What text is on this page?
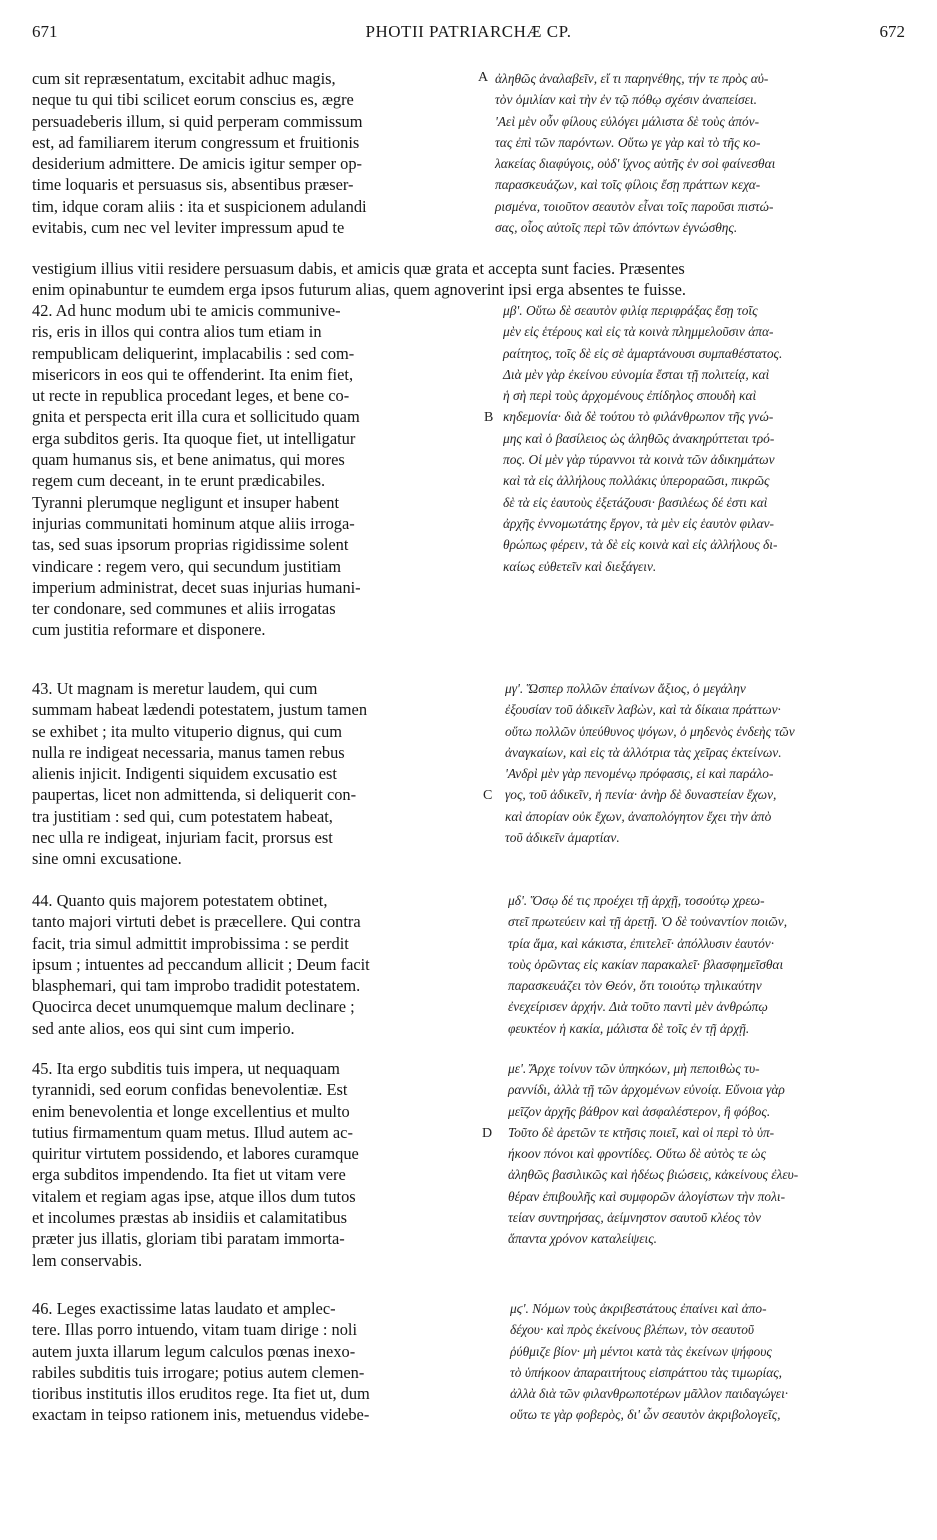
671	PHOTII PATRIARCHÆ CP.	672
cum sit repræsentatum, excitabit adhuc magis,
neque tu qui tibi scilicet eorum conscius es, ægre
persuadeberis illum, si quid perperam commissum
est, ad familiarem iterum congressum et fruitionis
desiderium admittere. De amicis igitur semper op-
time loquaris et persuasus sis, absentibus præser-
tim, idque coram aliis : ita et suspicionem adulandi
evitabis, cum nec vel leviter impressum apud te
A ἀληθῶς ἀναλαβεῖν, εἴ τι παρηνέθης, τήν τε πρὸς αὐ-
τὸν ὁμιλίαν καὶ τὴν ἐν τῷ πόθῳ σχέσιν ἀναπείσει.
'Αεὶ μὲν οὖν φίλους εὐλόγει μάλιστα δὲ τοὺς ἀπόν-
τας ἐπὶ τῶν παρόντων. Οὕτω γε γὰρ καὶ τὸ τῆς κο-
λακείας διαφύγοις, οὐδ' ἴχνος αὐτῆς ἐν σοὶ φαίνεσθαι
παρασκευάζων, καὶ τοῖς φίλοις ἔσῃ πράττων κεχα-
ρισμένα, τοιοῦτον σεαυτὸν εἶναι τοῖς παροῦσι πιστώ-
σας, οἷος αὐτοῖς περὶ τῶν ἀπόντων ἐγνώσθης.
vestigium illius vitii residere persuasum dabis, et amicis quæ grata et accepta sunt facies. Præsentes
enim opinabuntur te eumdem erga ipsos futurum alias, quem agnoverint ipsi erga absentes te fuisse.
42. Ad hunc modum ubi te amicis communive-
ris, eris in illos qui contra alios tum etiam in
rempublicam deliquerint, implacabilis : sed com-
misericors in eos qui te offenderint. Ita enim fiet,
ut recte in republica procedant leges, et bene co-
gnita et perspecta erit illa cura et sollicitudo quam
erga subditos geris. Ita quoque fiet, ut intelligatur
quam humanus sis, et bene animatus, qui mores
regem cum deceant, in te erunt prædicabiles.
Tyranni plerumque negligunt et insuper habent
injurias communitati hominum atque aliis irroga-
tas, sed suas ipsorum proprias rigidissime solent
vindicare : regem vero, qui secundum justitiam
imperium administrat, decet suas injurias humani-
ter condonare, sed communes et aliis irrogatas
cum justitia reformare et disponere.
B
μβ'. Οὕτω δὲ σεαυτὸν φιλίᾳ περιφράξας ἔσῃ τοῖς
μὲν εἰς ἑτέρους καὶ εἰς τὰ κοινὰ πλημμελοῦσιν ἀπα-
ραίτητος, τοῖς δὲ εἰς σὲ ἁμαρτάνουσι συμπαθέστατος.
Διὰ μὲν γὰρ ἐκείνου εὐνομία ἔσται τῇ πολιτείᾳ, καὶ
ἡ σὴ περὶ τοὺς ἀρχομένους ἐπίδηλος σπουδὴ καὶ
κηδεμονία· διὰ δὲ τούτου τὸ φιλάνθρωπον τῆς γνώ-
μης καὶ ὁ βασίλειος ὡς ἀληθῶς ἀνακηρύττεται τρό-
πος. Οἱ μὲν γὰρ τύραννοι τὰ κοινὰ τῶν ἀδικημάτων
καὶ τὰ εἰς ἀλλήλους πολλάκις ὑπεροραῶσι, πικρῶς
δὲ τὰ εἰς ἑαυτοὺς ἐξετάζουσι· βασιλέως δέ ἐστι καὶ
ἀρχῆς ἐννομωτάτης ἔργον, τὰ μὲν εἰς ἑαυτὸν φιλαν-
θρώπως φέρειν, τὰ δὲ εἰς κοινὰ καὶ εἰς ἀλλήλους δι-
καίως εὐθετεῖν καὶ διεξάγειν.
43. Ut magnam is meretur laudem, qui cum
summam habeat lædendi potestatem, justum tamen
se exhibet ; ita multo vituperio dignus, qui cum
nulla re indigeat necessaria, manus tamen rebus
alienis injicit. Indigenti siquidem excusatio est
paupertas, licet non admittenda, si deliquerit con-
tra justitiam : sed qui, cum potestatem habeat,
nec ulla re indigeat, injuriam facit, prorsus est
sine omni excusatione.
C
μγ'. Ὥσπερ πολλῶν ἐπαίνων ἄξιος, ὁ μεγάλην
ἐξουσίαν τοῦ ἀδικεῖν λαβὼν, καὶ τὰ δίκαια πράττων·
οὕτω πολλῶν ὑπεύθυνος ψόγων, ὁ μηδενὸς ἐνδεὴς τῶν
ἀναγκαίων, καὶ εἰς τὰ ἀλλότρια τὰς χεῖρας ἐκτείνων.
'Ανδρὶ μὲν γὰρ πενομένῳ πρόφασις, εἰ καὶ παράλο-
γος, τοῦ ἀδικεῖν, ἡ πενία· ἀνὴρ δὲ δυναστείαν ἔχων,
καὶ ἀπορίαν οὐκ ἔχων, ἀναπολόγητον ἔχει τὴν ἀπὸ
τοῦ ἀδικεῖν ἁμαρτίαν.
44. Quanto quis majorem potestatem obtinet,
tanto majori virtuti debet is præcellere. Qui contra
facit, tria simul admittit improbissima : se perdit
ipsum ; intuentes ad peccandum allicit ; Deum facit
blasphemari, qui tam improbo tradidit potestatem.
Quocirca decet unumquemque malum declinare ;
sed ante alios, eos qui sint cum imperio.
μδ'. Ὅσῳ δέ τις προέχει τῇ ἀρχῇ, τοσούτῳ χρεω-
στεῖ πρωτεύειν καὶ τῇ ἀρετῇ. Ὁ δὲ τοὐναντίον ποιῶν,
τρία ἅμα, καὶ κάκιστα, ἐπιτελεῖ· ἀπόλλυσιν ἑαυτόν·
τοὺς ὁρῶντας εἰς κακίαν παρακαλεῖ· βλασφημεῖσθαι
παρασκευάζει τὸν Θεόν, ὅτι τοιούτῳ τηλικαύτην
ἐνεχείρισεν ἀρχήν. Διὰ τοῦτο παντὶ μὲν ἀνθρώπῳ
φευκτέον ἡ κακία, μάλιστα δὲ τοῖς ἐν τῇ ἀρχῇ.
45. Ita ergo subditis tuis impera, ut nequaquam
tyrannidi, sed eorum confidas benevolentiæ. Est
enim benevolentia et longe excellentius et multo
tutius firmamentum quam metus. Illud autem ac-
quiritur virtutem possidendo, et labores curamque
erga subditos impendendo. Ita fiet ut vitam vere
vitalem et regiam agas ipse, atque illos dum tutos
et incolumes præstas ab insidiis et calamitatibus
præter jus illatis, gloriam tibi paratam immorta-
lem conservabis.
D
με'. Ἄρχε τοίνυν τῶν ὑπηκόων, μὴ πεποιθὼς τυ-
ραννίδι, ἀλλὰ τῇ τῶν ἀρχομένων εὐνοίᾳ. Εὔνοια γὰρ
μεῖζον ἀρχῆς βάθρον καὶ ἀσφαλέστερον, ἢ φόβος.
Τοῦτο δὲ ἀρετῶν τε κτῆσις ποιεῖ, καὶ οἱ περὶ τὸ ὑπ-
ήκοον πόνοι καὶ φροντίδες. Οὕτω δὲ αὐτὸς τε ὡς
ἀληθῶς βασιλικῶς καὶ ἡδέως βιώσεις, κἀκείνους ἐλευ-
θέραν ἐπιβουλῆς καὶ συμφορῶν ἀλογίστων τὴν πολι-
τείαν συντηρήσας, ἀείμνηστον σαυτοῦ κλέος τὸν
ἅπαντα χρόνον καταλείψεις.
46. Leges exactissime latas laudato et amplec-
tere. Illas porro intuendo, vitam tuam dirige : noli
autem juxta illarum legum calculos pœnas inexo-
rabiles subditis tuis irrogare; potius autem clemen-
tioribus institutis illos eruditos rege. Ita fiet ut, dum
exactam in teipso rationem inis, metuendus videbe-
μϛ'. Νόμων τοὺς ἀκριβεστάτους ἐπαίνει καὶ ἀπο-
δέχου· καὶ πρὸς ἐκείνους βλέπων, τὸν σεαυτοῦ
ῥύθμιζε βίον· μὴ μέντοι κατὰ τὰς ἐκείνων ψήφους
τὸ ὑπήκοον ἀπαραιτήτους εἰσπράττου τὰς τιμωρίας,
ἀλλὰ διὰ τῶν φιλανθρωποτέρων μᾶλλον παιδαγώγει·
οὕτω τε γὰρ φοβερὸς, δι' ὧν σεαυτὸν ἀκριβολογεῖς,
